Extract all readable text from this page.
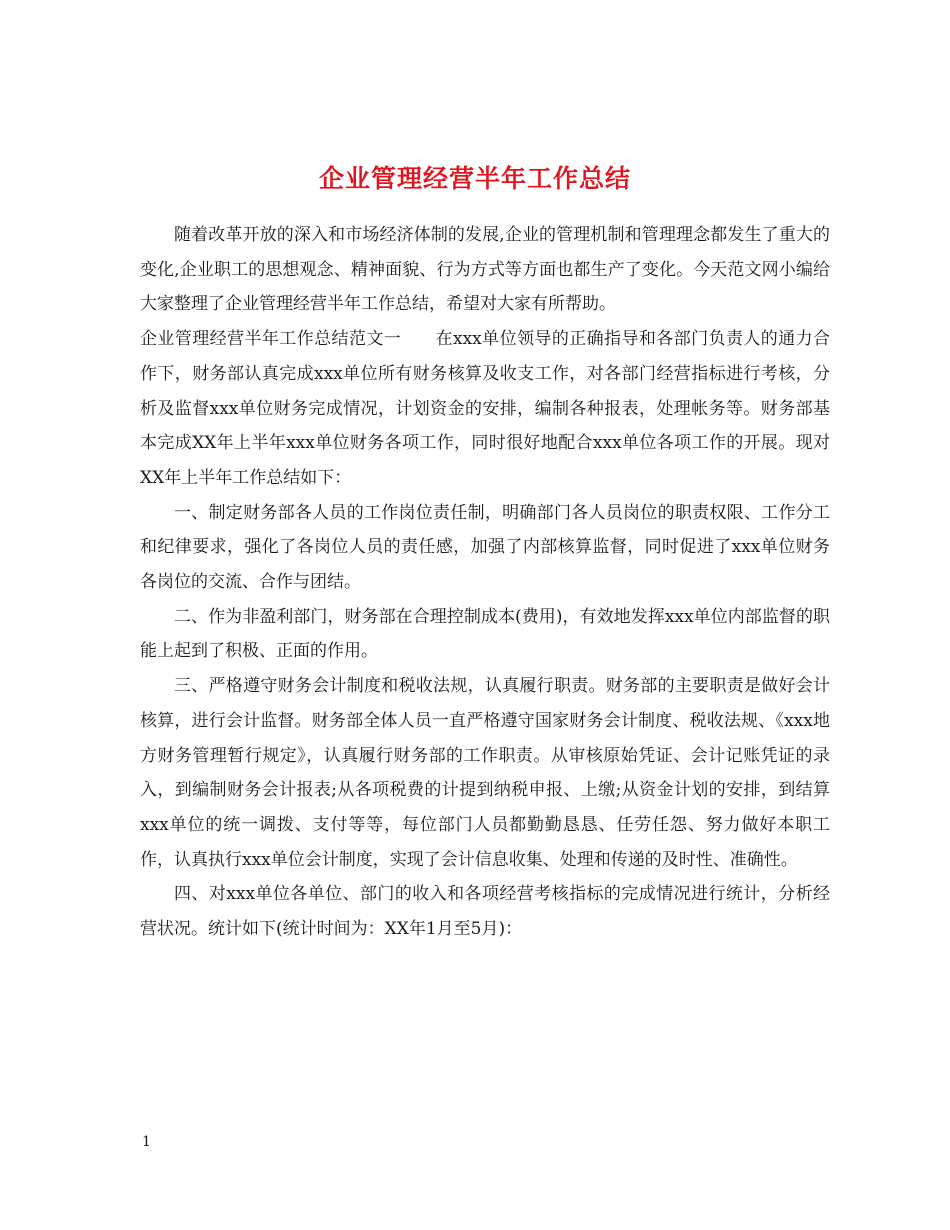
企业管理经营半年工作总结

随着改革开放的深入和市场经济体制的发展,企业的管理机制和管理理念都发生了重大的变化,企业职工的思想观念、精神面貌、行为方式等方面也都生产了变化。今天范文网小编给大家整理了企业管理经营半年工作总结，希望对大家有所帮助。

企业管理经营半年工作总结范文一 在xxx单位领导的正确指导和各部门负责人的通力合作下，财务部认真完成xxx单位所有财务核算及收支工作，对各部门经营指标进行考核，分析及监督xxx单位财务完成情况，计划资金的安排，编制各种报表，处理帐务等。财务部基本完成XX年上半年xxx单位财务各项工作，同时很好地配合xxx单位各项工作的开展。现对XX年上半年工作总结如下：

一、制定财务部各人员的工作岗位责任制，明确部门各人员岗位的职责权限、工作分工和纪律要求，强化了各岗位人员的责任感，加强了内部核算监督，同时促进了xxx单位财务各岗位的交流、合作与团结。

二、作为非盈利部门，财务部在合理控制成本(费用)，有效地发挥xxx单位内部监督的职能上起到了积极、正面的作用。

三、严格遵守财务会计制度和税收法规，认真履行职责。财务部的主要职责是做好会计核算，进行会计监督。财务部全体人员一直严格遵守国家财务会计制度、税收法规、《xxx地方财务管理暂行规定》，认真履行财务部的工作职责。从审核原始凭证、会计记账凭证的录入，到编制财务会计报表;从各项税费的计提到纳税申报、上缴;从资金计划的安排，到结算xxx单位的统一调拨、支付等等，每位部门人员都勤勤恳恳、任劳任怨、努力做好本职工作，认真执行xxx单位会计制度，实现了会计信息收集、处理和传递的及时性、准确性。

四、对xxx单位各单位、部门的收入和各项经营考核指标的完成情况进行统计，分析经营状况。统计如下(统计时间为：XX年1月至5月)：

1
